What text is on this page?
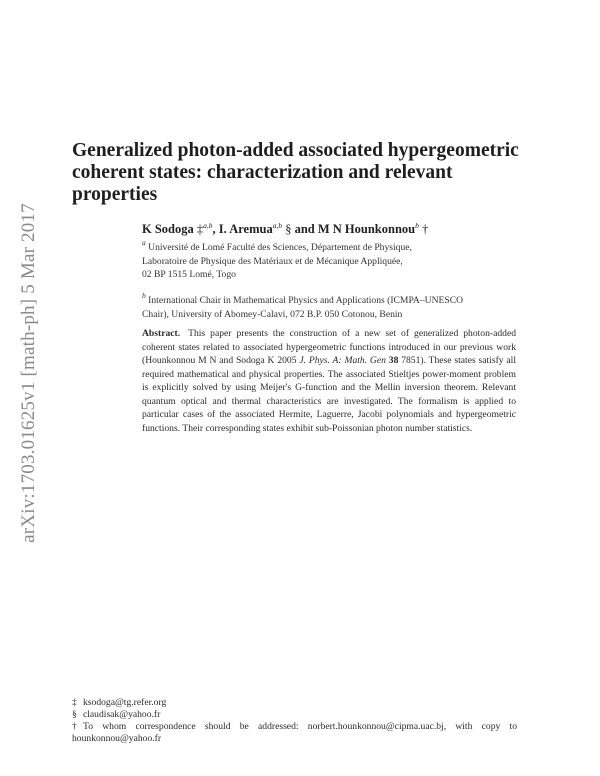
arXiv:1703.01625v1 [math-ph] 5 Mar 2017
Generalized photon-added associated hypergeometric coherent states: characterization and relevant properties
K Sodoga ‡$^{a,b}$, I. Aremua$^{a,b}$ § and M N Hounkonnou$^b$ †

$^a$ Université de Lomé Faculté des Sciences, Département de Physique,
Laboratoire de Physique des Matériaux et de Mécanique Appliquée,
02 BP 1515 Lomé, Togo

$^b$ International Chair in Mathematical Physics and Applications (ICMPA–UNESCO
Chair), University of Abomey-Calavi, 072 B.P. 050 Cotonou, Benin

Abstract. This paper presents the construction of a new set of generalized photon-added coherent states related to associated hypergeometric functions introduced in our previous work (Hounkonnou M N and Sodoga K 2005 J. Phys. A: Math. Gen 38 7851). These states satisfy all required mathematical and physical properties. The associated Stieltjes power-moment problem is explicitly solved by using Meijer's G-function and the Mellin inversion theorem. Relevant quantum optical and thermal characteristics are investigated. The formalism is applied to particular cases of the associated Hermite, Laguerre, Jacobi polynomials and hypergeometric functions. Their corresponding states exhibit sub-Poissonian photon number statistics.

‡ ksodoga@tg.refer.org
§ claudisak@yahoo.fr
† To whom correspondence should be addressed: norbert.hounkonnou@cipma.uac.bj, with copy to
hounkonnou@yahoo.fr
